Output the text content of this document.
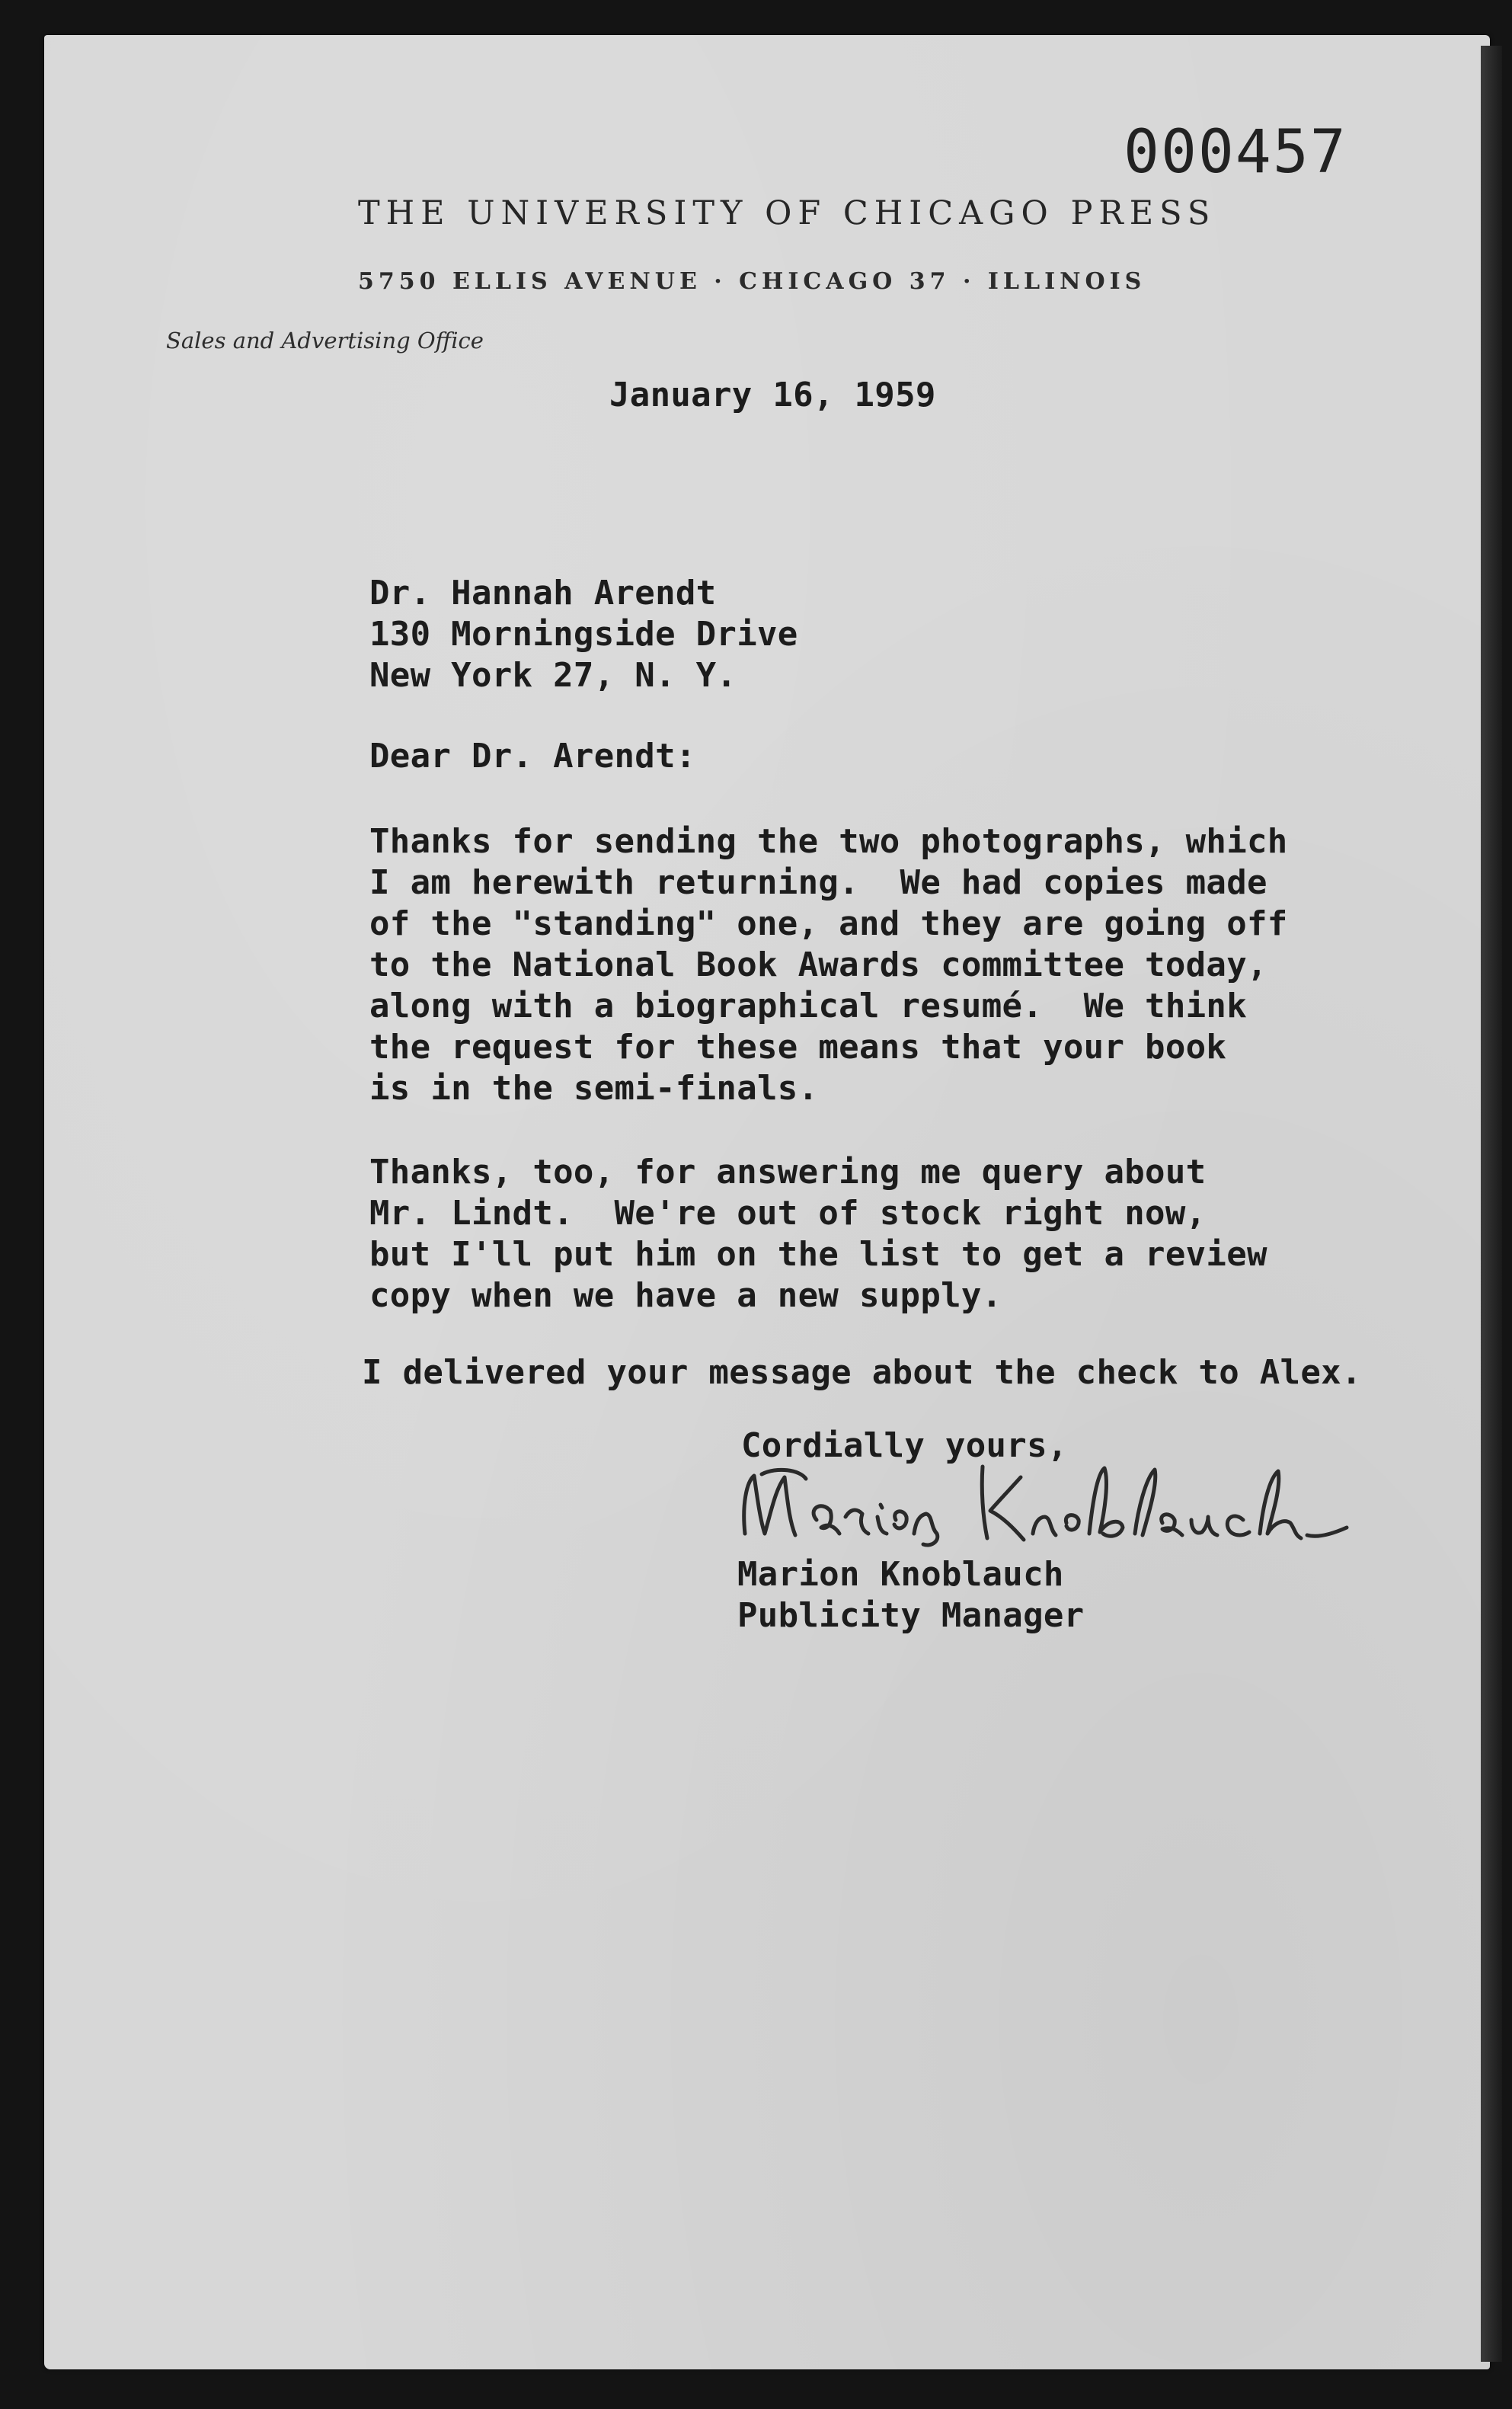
000457
THE UNIVERSITY OF CHICAGO PRESS
5750 ELLIS AVENUE · CHICAGO 37 · ILLINOIS
Sales and Advertising Office
January 16, 1959
Dr. Hannah Arendt
130 Morningside Drive
New York 27, N. Y.
Dear Dr. Arendt:
Thanks for sending the two photographs, which
I am herewith returning.  We had copies made
of the "standing" one, and they are going off
to the National Book Awards committee today,
along with a biographical resumé.  We think
the request for these means that your book
is in the semi-finals.
Thanks, too, for answering me query about
Mr. Lindt.  We're out of stock right now,
but I'll put him on the list to get a review
copy when we have a new supply.
I delivered your message about the check to Alex.
Cordially yours,
Marion Knoblauch
Publicity Manager
